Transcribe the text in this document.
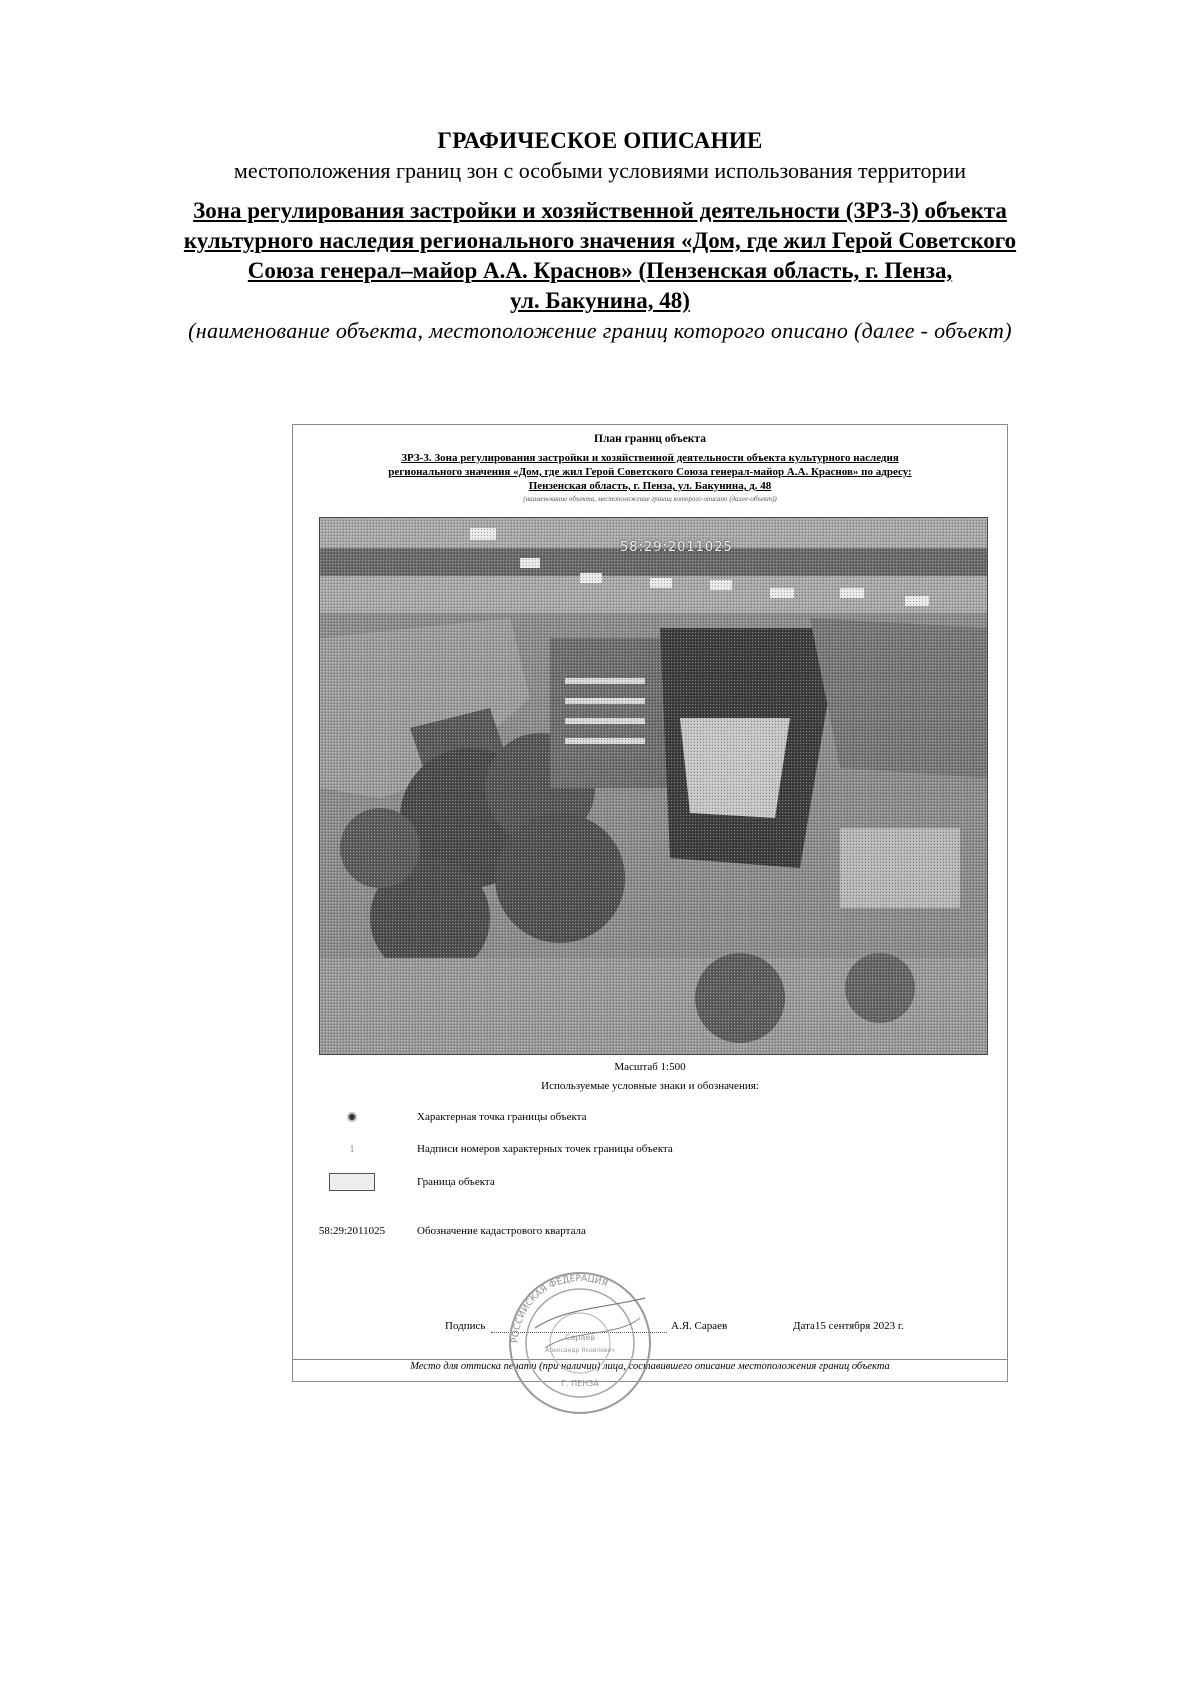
ГРАФИЧЕСКОЕ ОПИСАНИЕ

местоположения границ зон с особыми условиями использования территории

Зона регулирования застройки и хозяйственной деятельности (ЗРЗ-3) объекта
культурного наследия регионального значения «Дом, где жил Герой Советского
Союза генерал–майор А.А. Краснов» (Пензенская область, г. Пенза,
ул. Бакунина, 48)
(наименование объекта, местоположение границ которого описано (далее - объект)
План границ объекта
ЗРЗ-3. Зона регулирования застройки и хозяйственной деятельности объекта культурного наследия
регионального значения «Дом, где жил Герой Советского Союза генерал-майор А.А. Краснов» по адресу:
Пензенская область, г. Пенза, ул. Бакунина, д. 48
(наименование объекта, местоположение границ которого описано (далее-объект))
58:29:2011025
Масштаб 1:500
Используемые условные знаки и обозначения:
Характерная точка границы объекта
1	Надписи номеров характерных точек границы объекта
Граница объекта
58:29:2011025	Обозначение кадастрового квартала
Подпись	А.Я. Сараев	Дата15 сентября 2023 г.
Место для оттиска печати (при наличии) лица, составившего описание местоположения границ объекта
РОССИЙСКАЯ ФЕДЕРАЦИЯ
Сараев
Александр Яковлевич
Г. ПЕНЗА
